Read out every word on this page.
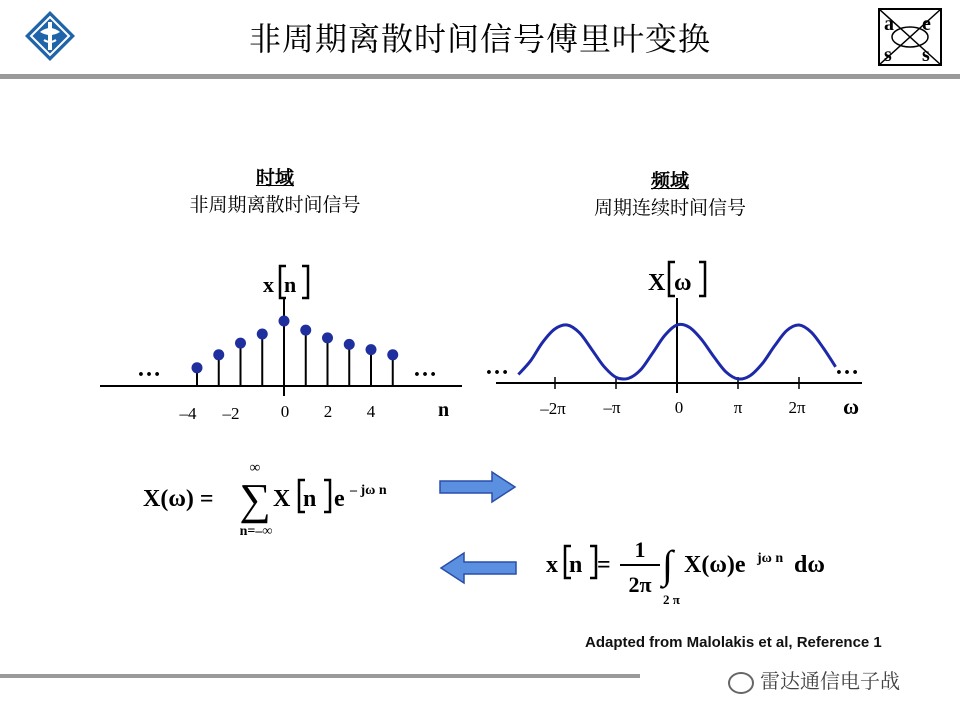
非周期离散时间信号傅里叶变换	a e
s s
时域
非周期离散时间信号
频域
周期连续时间信号
…	…
–4 –2 0 2 4	n
x n
…	…
–2π –π	0	π	2π ω
X ω
X(ω) =
∞
∑
n=–∞
X n e – jω n
x n =
1
2π ∫
2 π
X(ω)e jω n dω
Adapted from Malolakis et al, Reference 1
雷达通信电子战
